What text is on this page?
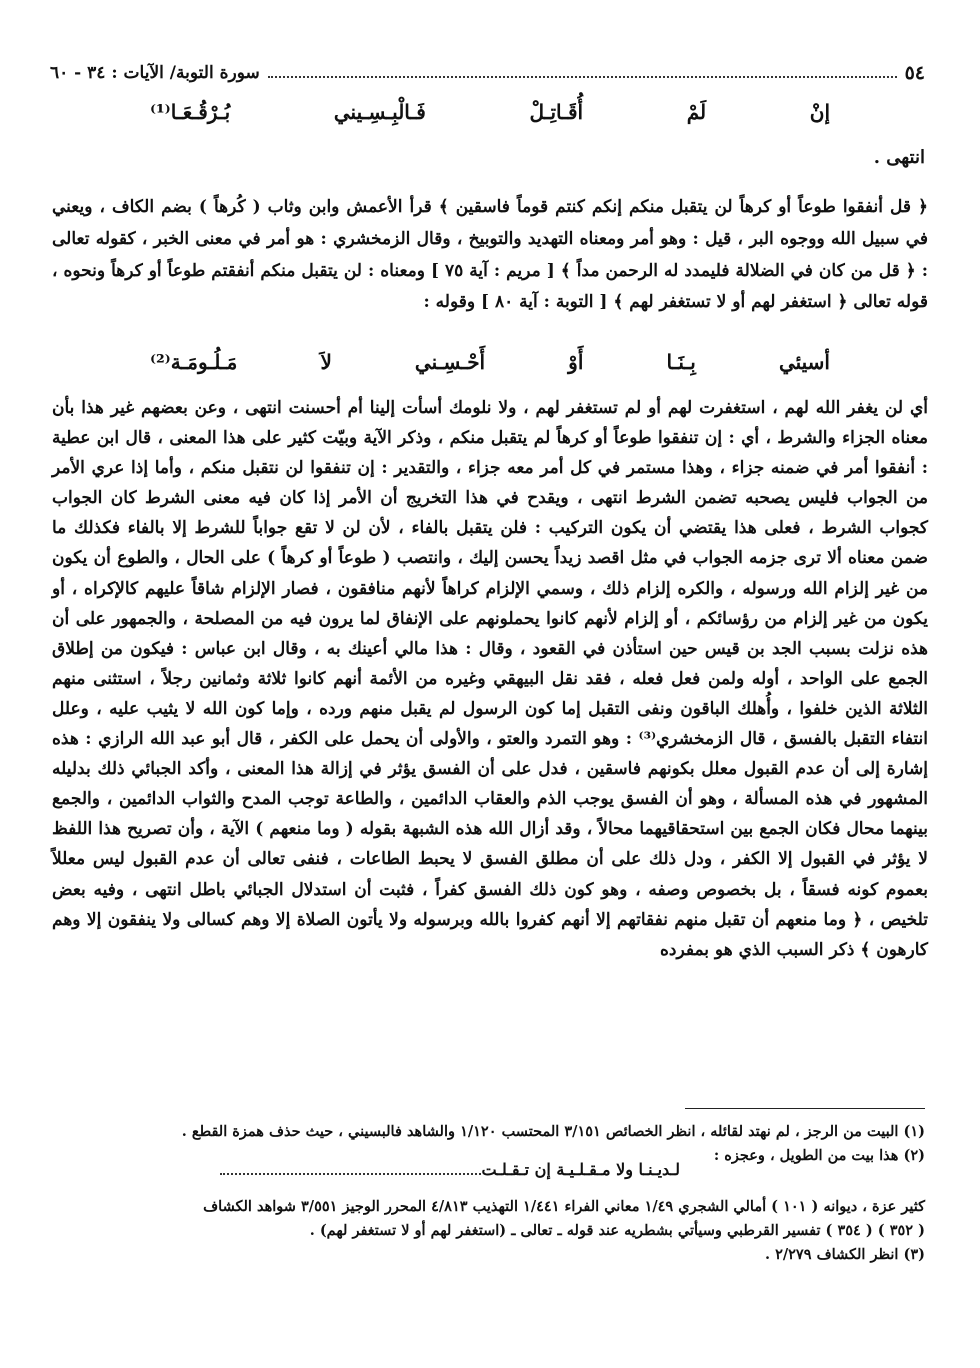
٥٤
سورة التوبة/ الآيات : ٣٤ - ٦٠
إنْ
لَمْ
أُقَـاتِـلْ
فَـالْبِـسِـيني
بُـرْقُـعَـا⁽¹⁾
انتهى .

﴿ قل أنفقوا طوعاً أو كرهاً لن يتقبل منكم إنكم كنتم قوماً فاسقين ﴾ قرأ الأعمش وابن وثاب ( كُرهاً ) بضم الكاف ، ويعني في سبيل الله ووجوه البر ، قيل : وهو أمر ومعناه التهديد والتوبيخ ، وقال الزمخشري : هو أمر في معنى الخبر ، كقوله تعالى : ﴿ قل من كان في الضلالة فليمدد له الرحمن مداً ﴾ [ مريم : آية ٧٥ ] ومعناه : لن يتقبل منكم أنفقتم طوعاً أو كرهاً ونحوه ، قوله تعالى ﴿ استغفر لهم أو لا تستغفر لهم ﴾ [ التوبة : آية ٨٠ ] وقوله :

أسيئي
بِـنَـا
أَوْ
أَحْـسِـني
لاَ
مَـلُـومَـة⁽²⁾

أي لن يغفر الله لهم ، استغفرت لهم أو لم تستغفر لهم ، ولا نلومك أسأت إلينا أم أحسنت انتهى ، وعن بعضهم غير هذا بأن معناه الجزاء والشرط ، أي : إن تنفقوا طوعاً أو كرهاً لم يتقبل منكم ، وذكر الآية وبيّت كثير على هذا المعنى ، قال ابن عطية : أنفقوا أمر في ضمنه جزاء ، وهذا مستمر في كل أمر معه جزاء ، والتقدير : إن تنفقوا لن نتقبل منكم ، وأما إذا عري الأمر من الجواب فليس يصحبه تضمن الشرط انتهى ، ويقدح في هذا التخريج أن الأمر إذا كان فيه معنى الشرط كان الجواب كجواب الشرط ، فعلى هذا يقتضي أن يكون التركيب : فلن يتقبل بالفاء ، لأن لن لا تقع جواباً للشرط إلا بالفاء فكذلك ما ضمن معناه ألا ترى جزمه الجواب في مثل اقصد زيداً يحسن إليك ، وانتصب ( طوعاً أو كرهاً ) على الحال ، والطوع أن يكون من غير إلزام الله ورسوله ، والكره إلزام ذلك ، وسمي الإلزام كراهاً لأنهم منافقون ، فصار الإلزام شاقاً عليهم كالإكراه ، أو يكون من غير إلزام من رؤسائكم ، أو إلزام لأنهم كانوا يحملونهم على الإنفاق لما يرون فيه من المصلحة ، والجمهور على أن هذه نزلت بسبب الجد بن قيس حين استأذن في القعود ، وقال : هذا مالي أعينك به ، وقال ابن عباس : فيكون من إطلاق الجمع على الواحد ، أوله ولمن فعل فعله ، فقد نقل البيهقي وغيره من الأئمة أنهم كانوا ثلاثة وثمانين رجلاً ، استثنى منهم الثلاثة الذين خلفوا ، وأُهلك الباقون ونفى التقبل إما كون الرسول لم يقبل منهم ورده ، وإما كون الله لا يثيب عليه ، وعلل انتفاء التقبل بالفسق ، قال الزمخشري⁽³⁾ : وهو التمرد والعتو ، والأولى أن يحمل على الكفر ، قال أبو عبد الله الرازي : هذه إشارة إلى أن عدم القبول معلل بكونهم فاسقين ، فدل على أن الفسق يؤثر في إزالة هذا المعنى ، وأكد الجبائي ذلك بدليله المشهور في هذه المسألة ، وهو أن الفسق يوجب الذم والعقاب الدائمين ، والطاعة توجب المدح والثواب الدائمين ، والجمع بينهما محال فكان الجمع بين استحقاقيهما محالاً ، وقد أزال الله هذه الشبهة بقوله ( وما منعهم ) الآية ، وأن تصريح هذا اللفظ لا يؤثر في القبول إلا الكفر ، ودل ذلك على أن مطلق الفسق لا يحبط الطاعات ، فنفى تعالى أن عدم القبول ليس معللاً بعموم كونه فسقاً ، بل بخصوص وصفه ، وهو كون ذلك الفسق كفراً ، فثبت أن استدلال الجبائي باطل انتهى ، وفيه بعض تلخيص ، ﴿ وما منعهم أن تقبل منهم نفقاتهم إلا أنهم كفروا بالله وبرسوله ولا يأتون الصلاة إلا وهم كسالى ولا ينفقون إلا وهم كارهون ﴾ ذكر السبب الذي هو بمفرده

(١) البيت من الرجز ، لم نهتد لقائله ، انظر الخصائص ٣/١٥١ المحتسب ١/١٢٠ والشاهد فالبسيني ، حيث حذف همزة القطع .

(٢) هذا بيت من الطويل ، وعجزه :

لـديـنـا ولا مـقـلـيـة إن تـقـلـت

كثير عزة ، ديوانه ( ١٠١ ) أمالي الشجري ١/٤٩ معاني الفراء ١/٤٤١ التهذيب ٤/٨١٣ المحرر الوجيز ٣/٥٥١ شواهد الكشاف

( ٣٥٢ ) ( ٣٥٤ ) تفسير القرطبي وسيأتي بشطريه عند قوله ـ تعالى ـ (استغفر لهم أو لا تستغفر لهم) .

(٣) انظر الكشاف ٢/٢٧٩ .
